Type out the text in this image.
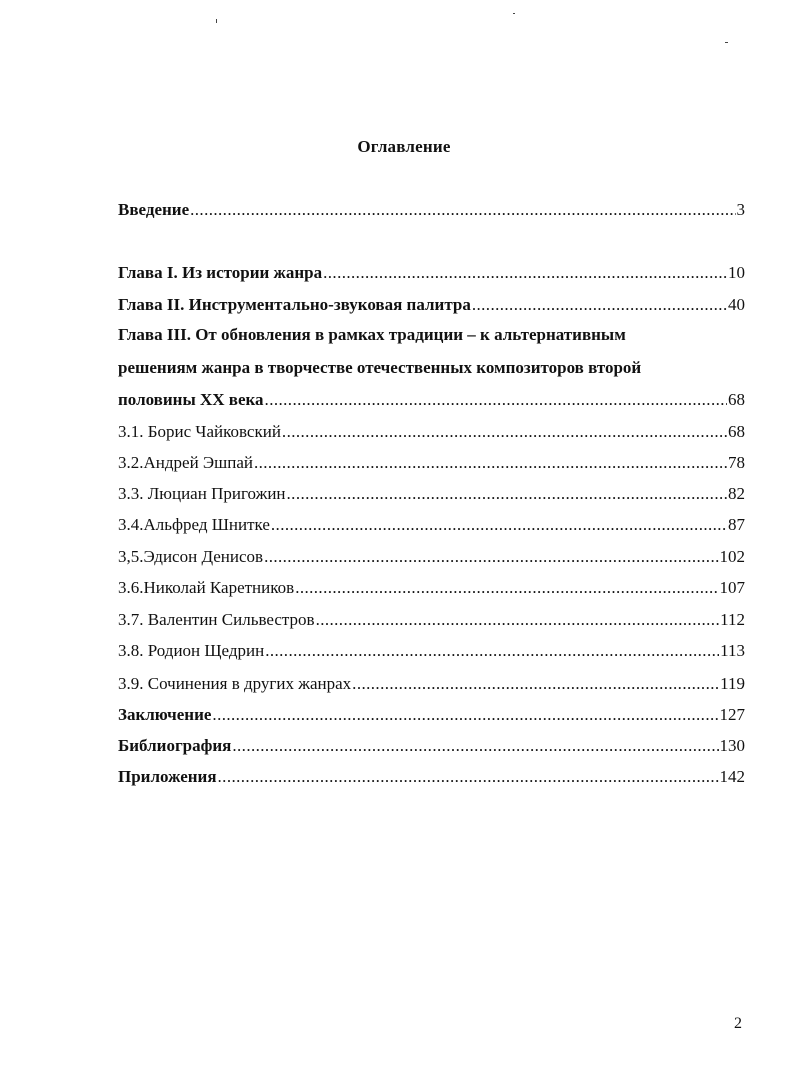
Оглавление
Введение .....	3
Глава I. Из истории жанра .....	10
Глава II. Инструментально-звуковая палитра .....	40
Глава III. От обновления в рамках традиции – к альтернативным
решениям жанра в творчестве отечественных композиторов второй
половины XX века .....	68
3.1. Борис Чайковский .....	68
3.2.Андрей Эшпай .....	78
3.3. Люциан Пригожин .....	82
3.4.Альфред Шнитке .....	87
3,5.Эдисон Денисов .....	102
3.6.Николай Каретников .....	107
3.7. Валентин Сильвестров .....	112
3.8. Родион Щедрин .....	113
3.9. Сочинения в других жанрах .....	119
Заключение .....	127
Библиография .....	130
Приложения .....	142
2
